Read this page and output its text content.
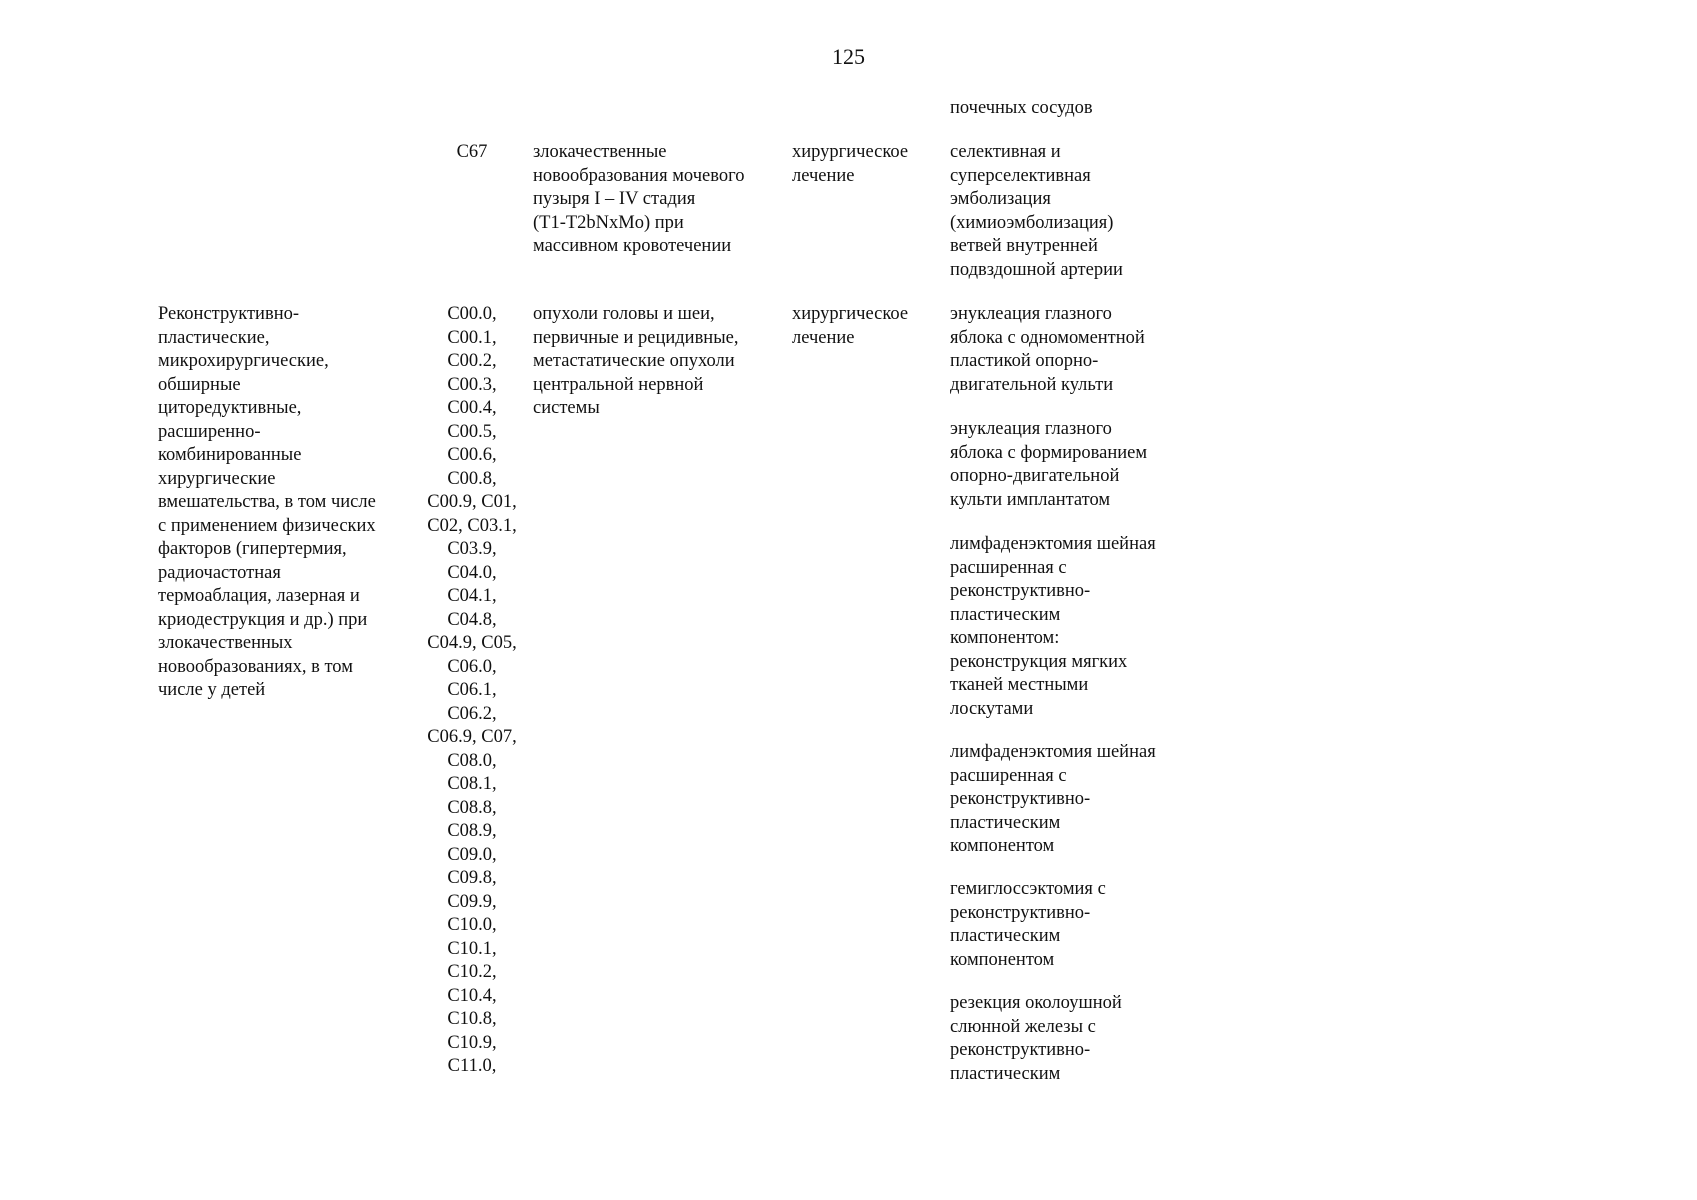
125
почечных сосудов
C67	злокачественные
новообразования мочевого
пузыря I – IV стадия
(T1-T2bNxMo) при
массивном кровотечении
хирургическое
лечение
селективная и
суперселективная
эмболизация
(химиоэмболизация)
ветвей внутренней
подвздошной артерии
Реконструктивно-
пластические,
микрохирургические,
обширные
циторедуктивные,
расширенно-
комбинированные
хирургические
вмешательства, в том числе
с применением физических
факторов (гипертермия,
радиочастотная
термоаблация, лазерная и
криодеструкция и др.) при
злокачественных
новообразованиях, в том
числе у детей
C00.0,
C00.1,
C00.2,
C00.3,
C00.4,
C00.5,
C00.6,
C00.8,
C00.9, C01,
C02, C03.1,
C03.9,
C04.0,
C04.1,
C04.8,
C04.9, C05,
C06.0,
C06.1,
C06.2,
C06.9, C07,
C08.0,
C08.1,
C08.8,
C08.9,
C09.0,
C09.8,
C09.9,
C10.0,
C10.1,
C10.2,
C10.4,
C10.8,
C10.9,
C11.0,
опухоли головы и шеи,
первичные и рецидивные,
метастатические опухоли
центральной нервной
системы
хирургическое
лечение
энуклеация глазного
яблока с одномоментной
пластикой опорно-
двигательной культи
энуклеация глазного
яблока с формированием
опорно-двигательной
культи имплантатом
лимфаденэктомия шейная
расширенная с
реконструктивно-
пластическим
компонентом:
реконструкция мягких
тканей местными
лоскутами
лимфаденэктомия шейная
расширенная с
реконструктивно-
пластическим
компонентом
гемиглоссэктомия с
реконструктивно-
пластическим
компонентом
резекция околоушной
слюнной железы с
реконструктивно-
пластическим
